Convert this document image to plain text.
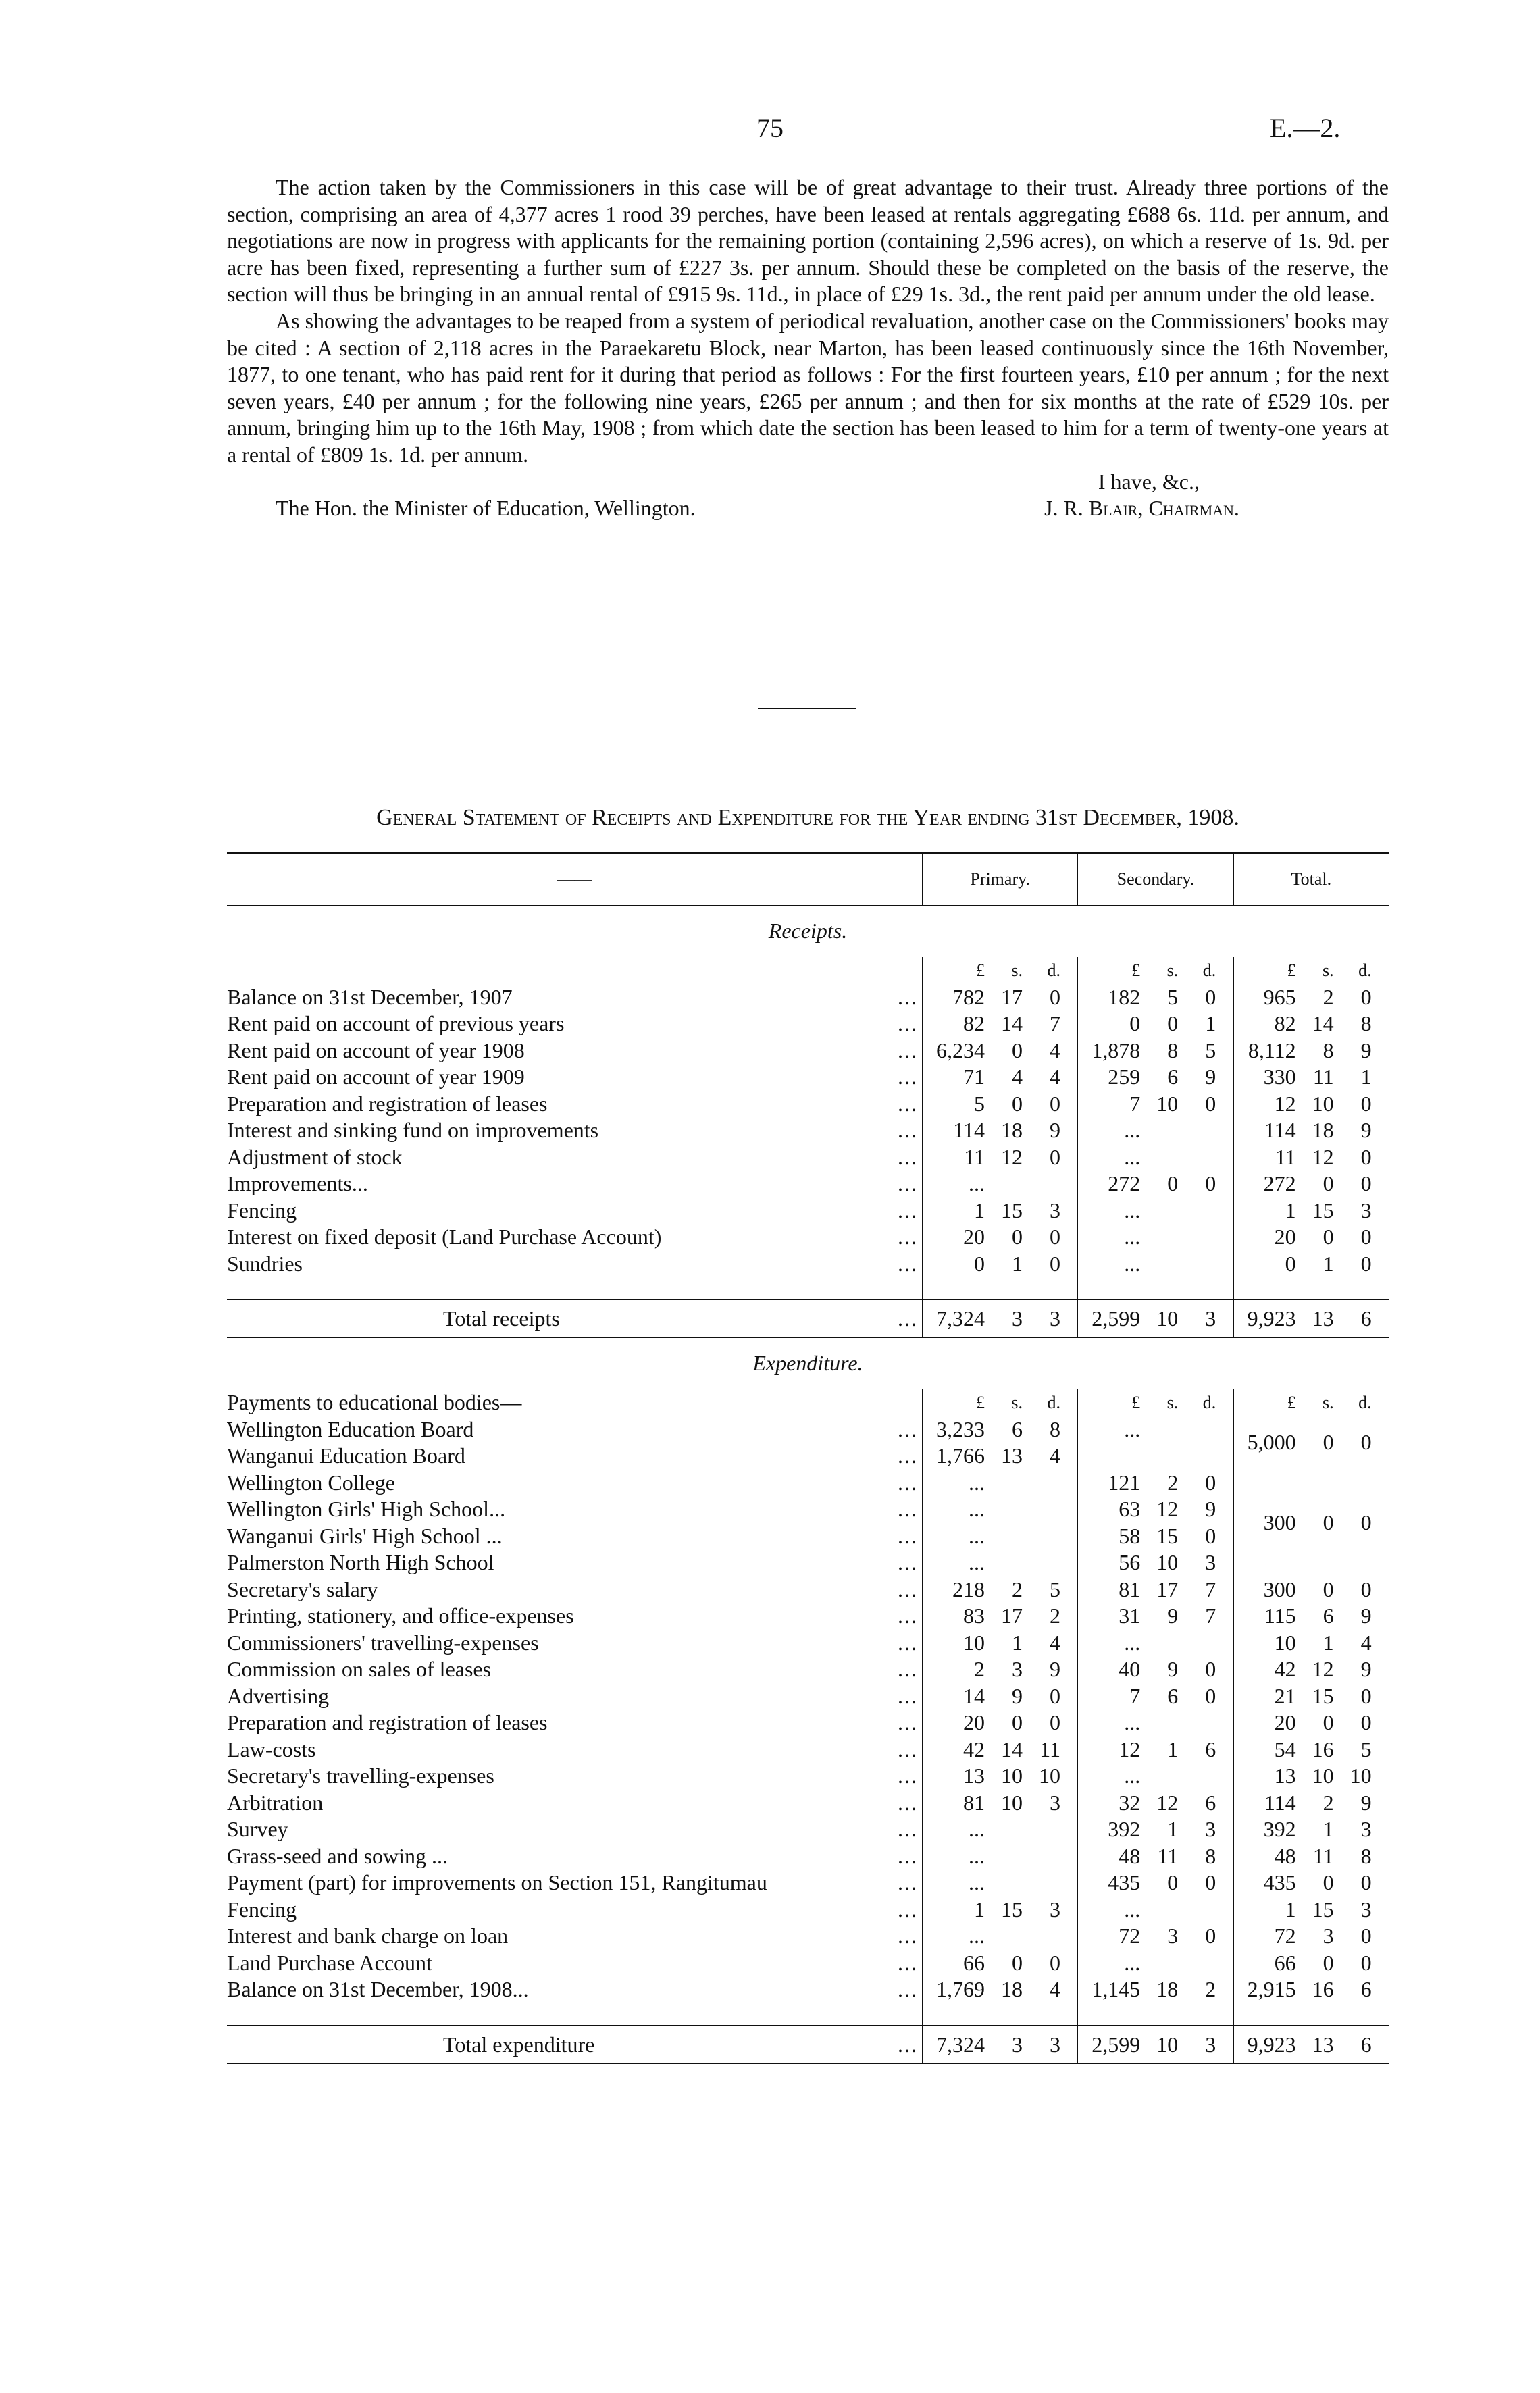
75	E.—2.

The action taken by the Commissioners in this case will be of great advantage to their trust. Already three portions of the section, comprising an area of 4,377 acres 1 rood 39 perches, have been leased at rentals aggregating £688 6s. 11d. per annum, and negotiations are now in progress with applicants for the remaining portion (containing 2,596 acres), on which a reserve of 1s. 9d. per acre has been fixed, representing a further sum of £227 3s. per annum. Should these be completed on the basis of the reserve, the section will thus be bringing in an annual rental of £915 9s. 11d., in place of £29 1s. 3d., the rent paid per annum under the old lease.

As showing the advantages to be reaped from a system of periodical revaluation, another case on the Commissioners' books may be cited : A section of 2,118 acres in the Paraekaretu Block, near Marton, has been leased continuously since the 16th November, 1877, to one tenant, who has paid rent for it during that period as follows : For the first fourteen years, £10 per annum ; for the next seven years, £40 per annum ; for the following nine years, £265 per annum ; and then for six months at the rate of £529 10s. per annum, bringing him up to the 16th May, 1908 ; from which date the section has been leased to him for a term of twenty-one years at a rental of £809 1s. 1d. per annum.

I have, &c.,
The Hon. the Minister of Education, Wellington.	J. R. Blair, Chairman.
General Statement of Receipts and Expenditure for the Year ending 31st December, 1908.
——	Primary.	Secondary.	Total.
Receipts.			
	£ s. d.	£ s. d.	£ s. d.

...
Balance on 31st December, 1907	782 17 0	182 5 0	965 2 0

...
Rent paid on account of previous years	82 14 7	0 0 1	82 14 8

...
Rent paid on account of year 1908	6,234 0 4	1,878 8 5	8,112 8 9

...
Rent paid on account of year 1909	71 4 4	259 6 9	330 11 1

...
Preparation and registration of leases	5 0 0	7 10 0	12 10 0

...
Interest and sinking fund on improvements	114 18 9	...	114 18 9

...
Adjustment of stock	11 12 0	...	11 12 0

...
Improvements...	...	272 0 0	272 0 0

...
Fencing	1 15 3	...	1 15 3

...
Interest on fixed deposit (Land Purchase Account)	20 0 0	...	20 0 0

...
Sundries	0 1 0	...	0 1 0

...
Total receipts	7,324 3 3	2,599 10 3	9,923 13 6
Expenditure.			
Payments to educational bodies—	£ s. d.	£ s. d.	£ s. d.

...
Wellington Education Board	3,233 6 8	...	5,000 0 0

...
Wanganui Education Board	1,766 13 4		

...
Wellington College	...	121 2 0	300 0 0

...
Wellington Girls' High School...	...	63 12 9	

...
Wanganui Girls' High School ...	...	58 15 0	

...
Palmerston North High School	...	56 10 3	

...
Secretary's salary	218 2 5	81 17 7	300 0 0

...
Printing, stationery, and office-expenses	83 17 2	31 9 7	115 6 9

...
Commissioners' travelling-expenses	10 1 4	...	10 1 4

...
Commission on sales of leases	2 3 9	40 9 0	42 12 9

...
Advertising	14 9 0	7 6 0	21 15 0

...
Preparation and registration of leases	20 0 0	...	20 0 0

...
Law-costs	42 14 11	12 1 6	54 16 5

...
Secretary's travelling-expenses	13 10 10	...	13 10 10

...
Arbitration	81 10 3	32 12 6	114 2 9

...
Survey	...	392 1 3	392 1 3

...
Grass-seed and sowing ...	...	48 11 8	48 11 8

...
Payment (part) for improvements on Section 151, Rangitumau	...	435 0 0	435 0 0

...
Fencing	1 15 3	...	1 15 3

...
Interest and bank charge on loan	...	72 3 0	72 3 0

...
Land Purchase Account	66 0 0	...	66 0 0

...
Balance on 31st December, 1908...	1,769 18 4	1,145 18 2	2,915 16 6

...
Total expenditure	7,324 3 3	2,599 10 3	9,923 13 6
